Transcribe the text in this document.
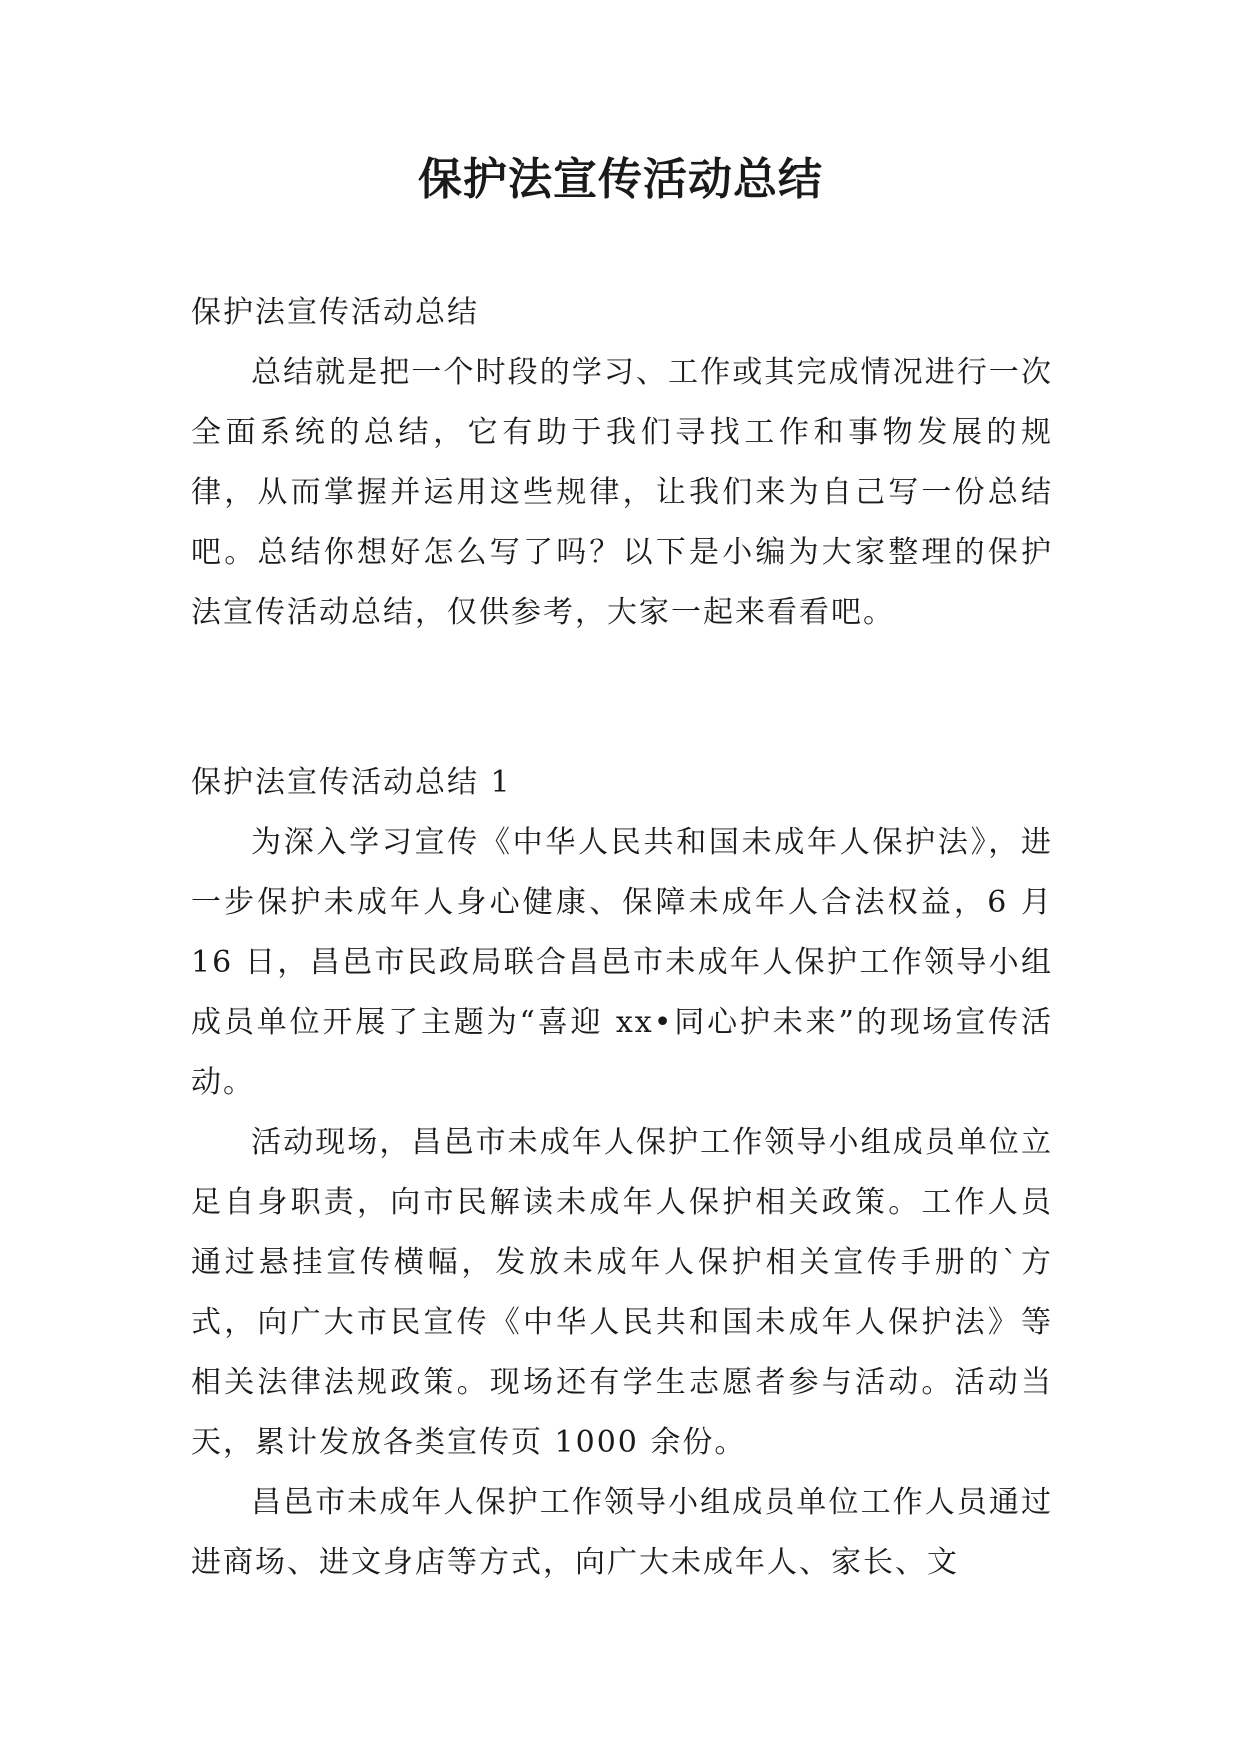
保护法宣传活动总结

保护法宣传活动总结

总结就是把一个时段的学习、工作或其完成情况进行一次全面系统的总结，它有助于我们寻找工作和事物发展的规律，从而掌握并运用这些规律，让我们来为自己写一份总结吧。总结你想好怎么写了吗？以下是小编为大家整理的保护法宣传活动总结，仅供参考，大家一起来看看吧。

保护法宣传活动总结 1

为深入学习宣传《中华人民共和国未成年人保护法》，进一步保护未成年人身心健康、保障未成年人合法权益，6 月 16 日，昌邑市民政局联合昌邑市未成年人保护工作领导小组成员单位开展了主题为“喜迎 xx•同心护未来”的现场宣传活动。

活动现场，昌邑市未成年人保护工作领导小组成员单位立足自身职责，向市民解读未成年人保护相关政策。工作人员通过悬挂宣传横幅，发放未成年人保护相关宣传手册的`方式，向广大市民宣传《中华人民共和国未成年人保护法》等相关法律法规政策。现场还有学生志愿者参与活动。活动当天，累计发放各类宣传页 1000 余份。

昌邑市未成年人保护工作领导小组成员单位工作人员通过进商场、进文身店等方式，向广大未成年人、家长、文
